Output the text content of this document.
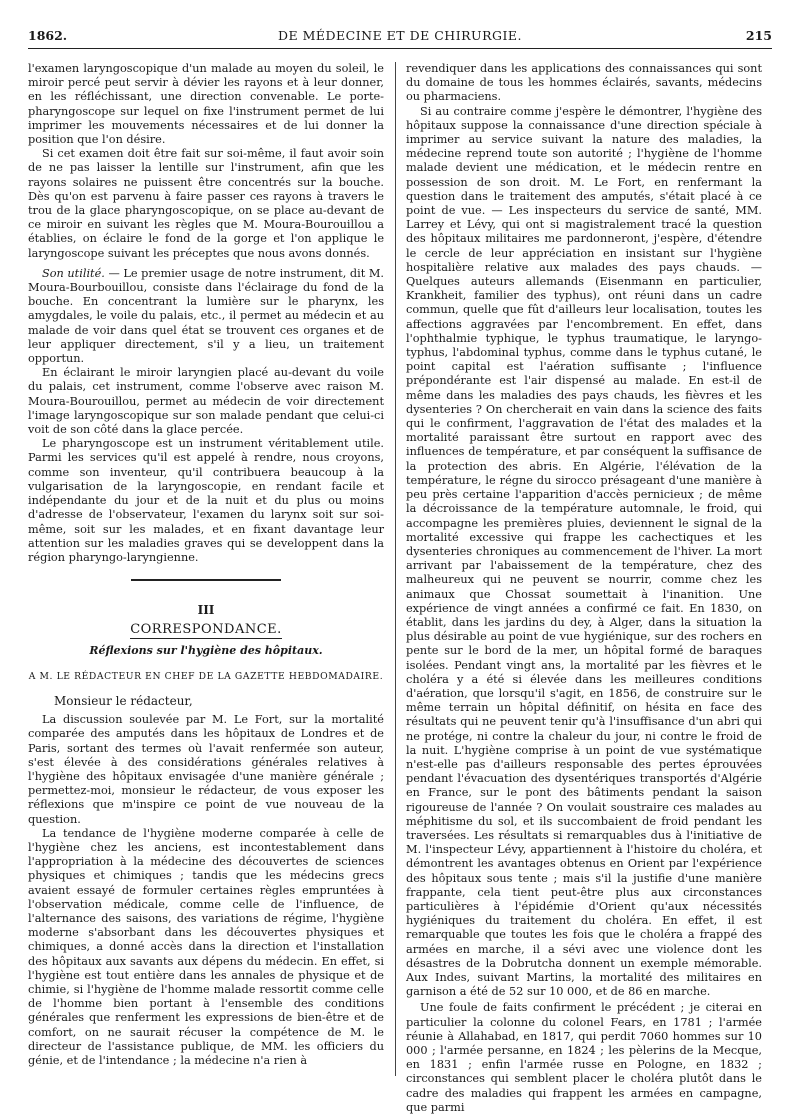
1862.	DE MÉDECINE ET DE CHIRURGIE.	215

l'examen laryngoscopique d'un malade au moyen du soleil, le miroir percé peut servir à dévier les rayons et à leur donner, en les réfléchissant, une direction convenable. Le porte-pharyngoscope sur lequel on fixe l'instrument permet de lui imprimer les mouvements nécessaires et de lui donner la position que l'on désire.

Si cet examen doit être fait sur soi-même, il faut avoir soin de ne pas laisser la lentille sur l'instrument, afin que les rayons solaires ne puissent être concentrés sur la bouche. Dès qu'on est parvenu à faire passer ces rayons à travers le trou de la glace pharyngoscopique, on se place au-devant de ce miroir en suivant les règles que M. Moura-Bourouillou a établies, on éclaire le fond de la gorge et l'on applique le laryngoscope suivant les préceptes que nous avons donnés.

Son utilité. — Le premier usage de notre instrument, dit M. Moura-Bourbouillou, consiste dans l'éclairage du fond de la bouche. En concentrant la lumière sur le pharynx, les amygdales, le voile du palais, etc., il permet au médecin et au malade de voir dans quel état se trouvent ces organes et de leur appliquer directement, s'il y a lieu, un traitement opportun.

En éclairant le miroir laryngien placé au-devant du voile du palais, cet instrument, comme l'observe avec raison M. Moura-Bourouillou, permet au médecin de voir directement l'image laryngoscopique sur son malade pendant que celui-ci voit de son côté dans la glace percée.

Le pharyngoscope est un instrument véritablement utile. Parmi les services qu'il est appelé à rendre, nous croyons, comme son inventeur, qu'il contribuera beaucoup à la vulgarisation de la laryngoscopie, en rendant facile et indépendante du jour et de la nuit et du plus ou moins d'adresse de l'observateur, l'examen du larynx soit sur soi-même, soit sur les malades, et en fixant davantage leur attention sur les maladies graves qui se developpent dans la région pharyngo-laryngienne.

III
CORRESPONDANCE.
Réflexions sur l'hygiène des hôpitaux.
A M. LE RÉDACTEUR EN CHEF DE LA GAZETTE HEBDOMADAIRE.

Monsieur le rédacteur,

La discussion soulevée par M. Le Fort, sur la mortalité comparée des amputés dans les hôpitaux de Londres et de Paris, sortant des termes où l'avait renfermée son auteur, s'est élevée à des considérations générales relatives à l'hygiène des hôpitaux envisagée d'une manière générale ; permettez-moi, monsieur le rédacteur, de vous exposer les réflexions que m'inspire ce point de vue nouveau de la question.

La tendance de l'hygiène moderne comparée à celle de l'hygiène chez les anciens, est incontestablement dans l'appropriation à la médecine des découvertes de sciences physiques et chimiques ; tandis que les médecins grecs avaient essayé de formuler certaines règles empruntées à l'observation médicale, comme celle de l'influence, de l'alternance des saisons, des variations de régime, l'hygiène moderne s'absorbant dans les découvertes physiques et chimiques, a donné accès dans la direction et l'installation des hôpitaux aux savants aux dépens du médecin. En effet, si l'hygiène est tout entière dans les annales de physique et de chimie, si l'hygiène de l'homme malade ressortit comme celle de l'homme bien portant à l'ensemble des conditions générales que renferment les expressions de bien-être et de comfort, on ne saurait récuser la compétence de M. le directeur de l'assistance publique, de MM. les officiers du génie, et de l'intendance ; la médecine n'a rien à

revendiquer dans les applications des connaissances qui sont du domaine de tous les hommes éclairés, savants, médecins ou pharmaciens.

Si au contraire comme j'espère le démontrer, l'hygiène des hôpitaux suppose la connaissance d'une direction spéciale à imprimer au service suivant la nature des maladies, la médecine reprend toute son autorité ; l'hygiène de l'homme malade devient une médication, et le médecin rentre en possession de son droit. M. Le Fort, en renfermant la question dans le traitement des amputés, s'était placé à ce point de vue. — Les inspecteurs du service de santé, MM. Larrey et Lévy, qui ont si magistralement tracé la question des hôpitaux militaires me pardonneront, j'espère, d'étendre le cercle de leur appréciation en insistant sur l'hygiène hospitalière relative aux malades des pays chauds. — Quelques auteurs allemands (Eisenmann en particulier, Krankheit, familier des typhus), ont réuni dans un cadre commun, quelle que fût d'ailleurs leur localisation, toutes les affections aggravées par l'encombrement. En effet, dans l'ophthalmie typhique, le typhus traumatique, le laryngo-typhus, l'abdominal typhus, comme dans le typhus cutané, le point capital est l'aération suffisante ; l'influence prépondérante est l'air dispensé au malade. En est-il de même dans les maladies des pays chauds, les fièvres et les dysenteries ? On chercherait en vain dans la science des faits qui le confirment, l'aggravation de l'état des malades et la mortalité paraissant être surtout en rapport avec des influences de température, et par conséquent la suffisance de la protection des abris. En Algérie, l'élévation de la température, le régne du sirocco présageant d'une manière à peu près certaine l'apparition d'accès pernicieux ; de même la décroissance de la température automnale, le froid, qui accompagne les premières pluies, deviennent le signal de la mortalité excessive qui frappe les cachectiques et les dysenteries chroniques au commencement de l'hiver. La mort arrivant par l'abaissement de la température, chez des malheureux qui ne peuvent se nourrir, comme chez les animaux que Chossat soumettait à l'inanition. Une expérience de vingt années a confirmé ce fait. En 1830, on établit, dans les jardins du dey, à Alger, dans la situation la plus désirable au point de vue hygiénique, sur des rochers en pente sur le bord de la mer, un hôpital formé de baraques isolées. Pendant vingt ans, la mortalité par les fièvres et le choléra y a été si élevée dans les meilleures conditions d'aération, que lorsqu'il s'agit, en 1856, de construire sur le même terrain un hôpital définitif, on hésita en face des résultats qui ne peuvent tenir qu'à l'insuffisance d'un abri qui ne protége, ni contre la chaleur du jour, ni contre le froid de la nuit. L'hygiène comprise à un point de vue systématique n'est-elle pas d'ailleurs responsable des pertes éprouvées pendant l'évacuation des dysentériques transportés d'Algérie en France, sur le pont des bâtiments pendant la saison rigoureuse de l'année ? On voulait soustraire ces malades au méphitisme du sol, et ils succombaient de froid pendant les traversées. Les résultats si remarquables dus à l'initiative de M. l'inspecteur Lévy, appartiennent à l'histoire du choléra, et démontrent les avantages obtenus en Orient par l'expérience des hôpitaux sous tente ; mais s'il la justifie d'une manière frappante, cela tient peut-être plus aux circonstances particulières à l'épidémie d'Orient qu'aux nécessités hygiéniques du traitement du choléra. En effet, il est remarquable que toutes les fois que le choléra a frappé des armées en marche, il a sévi avec une violence dont les désastres de la Dobrutcha donnent un exemple mémorable. Aux Indes, suivant Martins, la mortalité des militaires en garnison a été de 52 sur 10 000, et de 86 en marche.

Une foule de faits confirment le précédent ; je citerai en particulier la colonne du colonel Fears, en 1781 ; l'armée réunie à Allahabad, en 1817, qui perdit 7060 hommes sur 10 000 ; l'armée persanne, en 1824 ; les pèlerins de la Mecque, en 1831 ; enfin l'armée russe en Pologne, en 1832 ; circonstances qui semblent placer le choléra plutôt dans le cadre des maladies qui frappent les armées en campagne, que parmi
